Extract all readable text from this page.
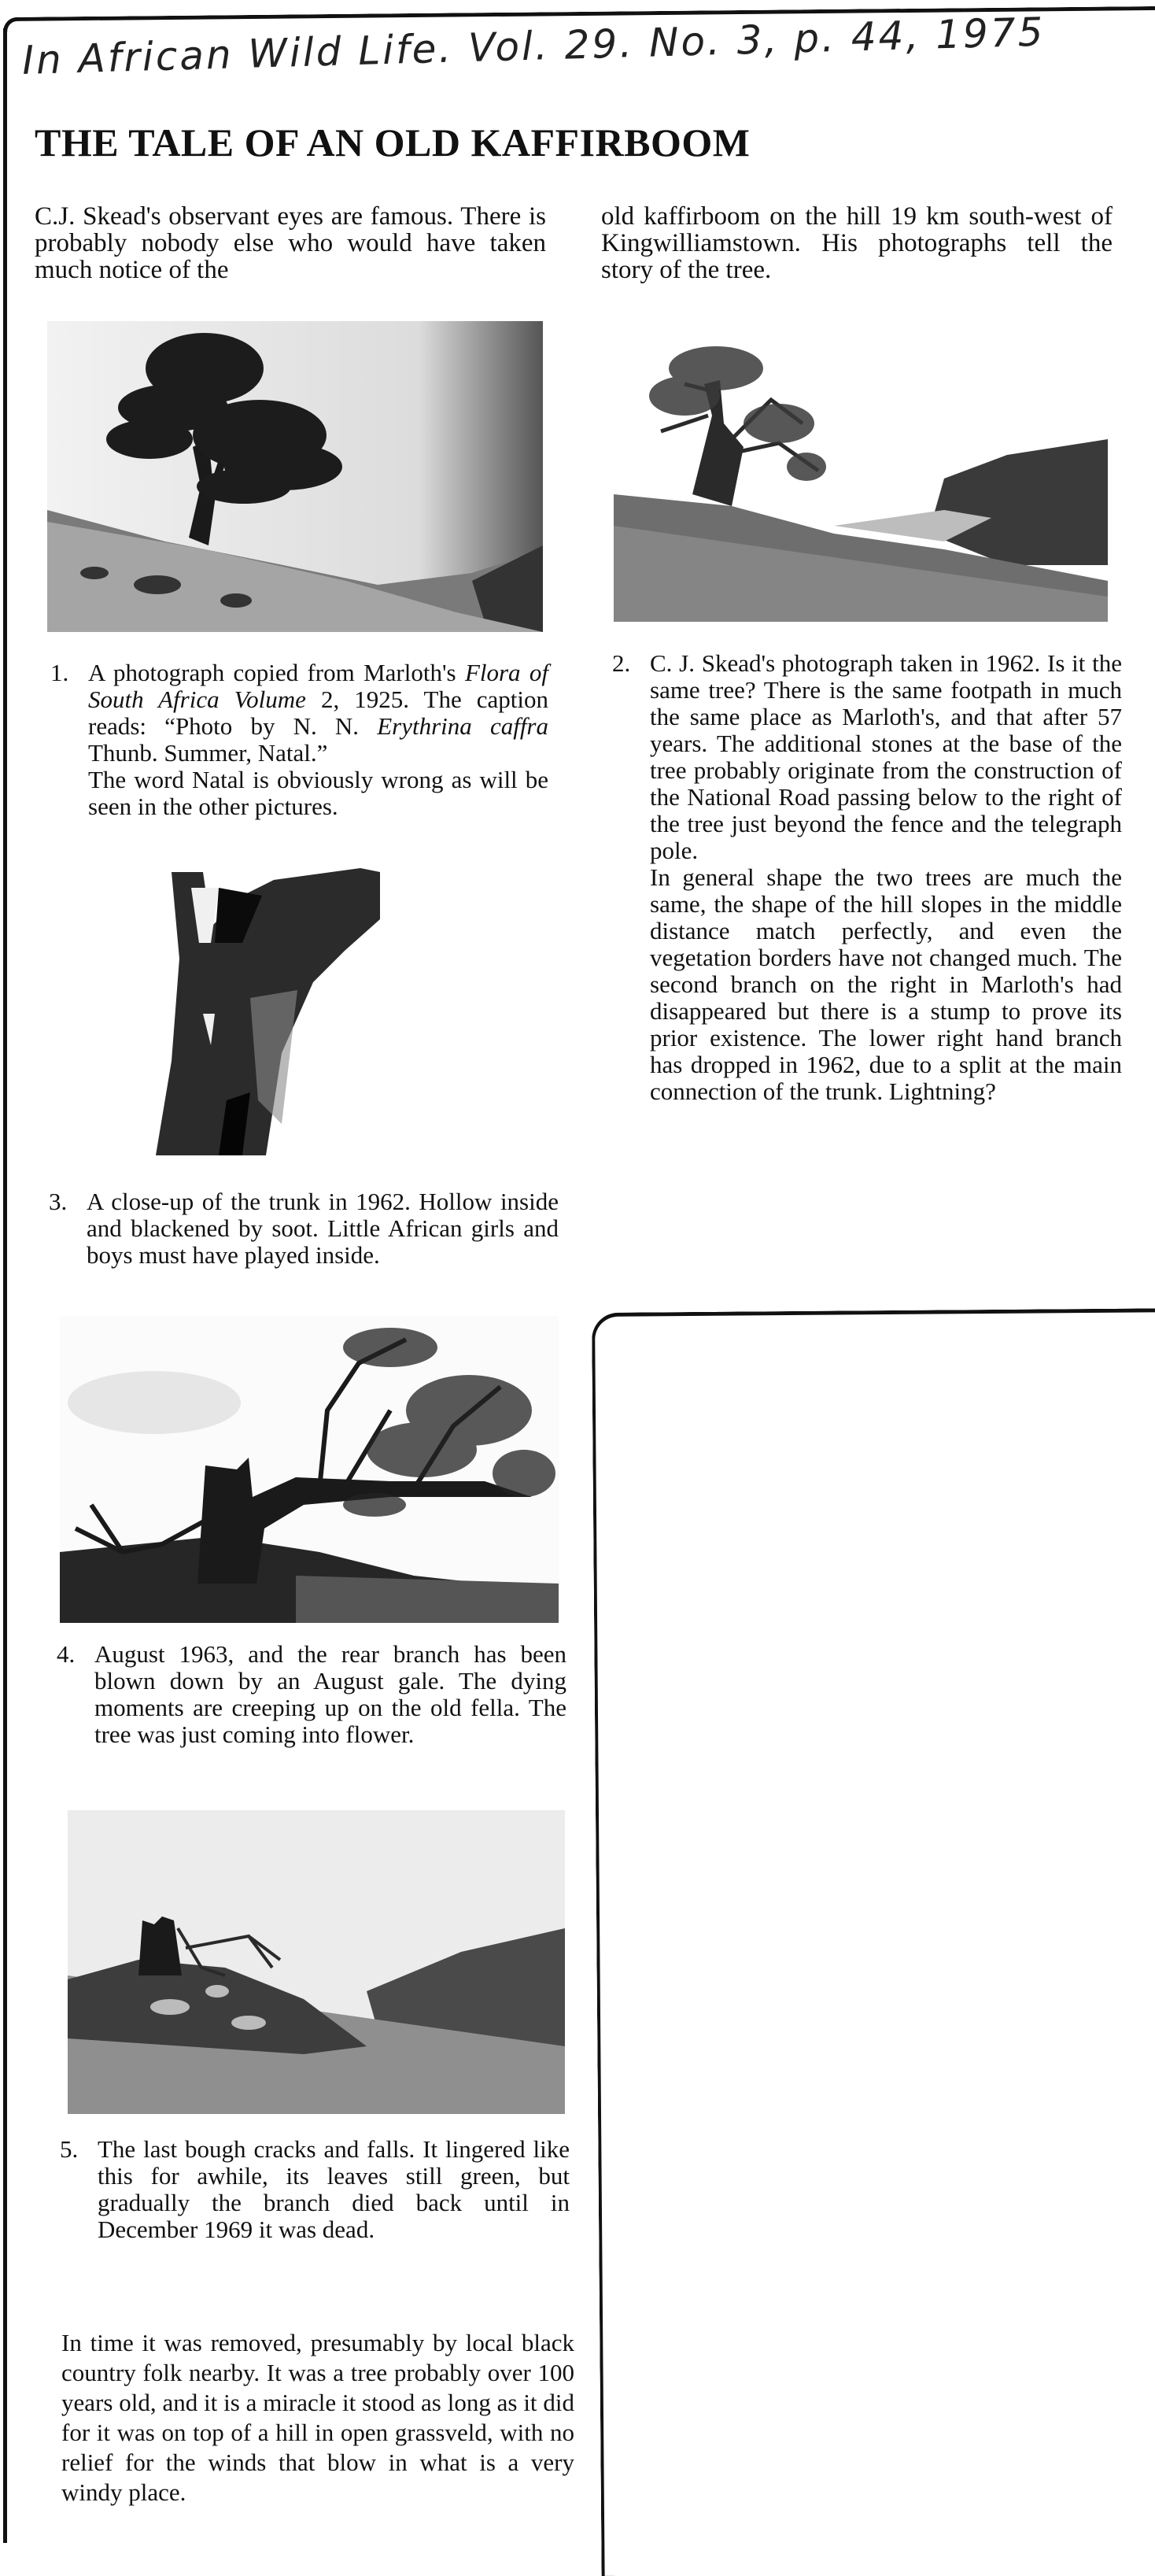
In African Wild Life. Vol. 29. No. 3, p. 44, 1975
THE TALE OF AN OLD KAFFIRBOOM

C.J. Skead's observant eyes are famous. There is probably nobody else who would have taken much notice of the

old kaffirboom on the hill 19 km south-west of Kingwilliamstown. His photographs tell the story of the tree.

1. A photograph copied from Marloth's Flora of South Africa Volume 2, 1925. The caption reads: “Photo by N. N. Erythrina caffra Thunb. Summer, Natal.”

The word Natal is obviously wrong as will be seen in the other pictures.

2. C. J. Skead's photograph taken in 1962. Is it the same tree? There is the same footpath in much the same place as Marloth's, and that after 57 years. The additional stones at the base of the tree probably originate from the construction of the National Road passing below to the right of the tree just beyond the fence and the telegraph pole.

In general shape the two trees are much the same, the shape of the hill slopes in the middle distance match perfectly, and even the vegetation borders have not changed much. The second branch on the right in Marloth's had disappeared but there is a stump to prove its prior existence. The lower right hand branch has dropped in 1962, due to a split at the main connection of the trunk. Lightning?

3. A close-up of the trunk in 1962. Hollow inside and blackened by soot. Little African girls and boys must have played inside.

4. August 1963, and the rear branch has been blown down by an August gale. The dying moments are creeping up on the old fella. The tree was just coming into flower.

5. The last bough cracks and falls. It lingered like this for awhile, its leaves still green, but gradually the branch died back until in December 1969 it was dead.

In time it was removed, presumably by local black country folk nearby. It was a tree probably over 100 years old, and it is a miracle it stood as long as it did for it was on top of a hill in open grassveld, with no relief for the winds that blow in what is a very windy place.
